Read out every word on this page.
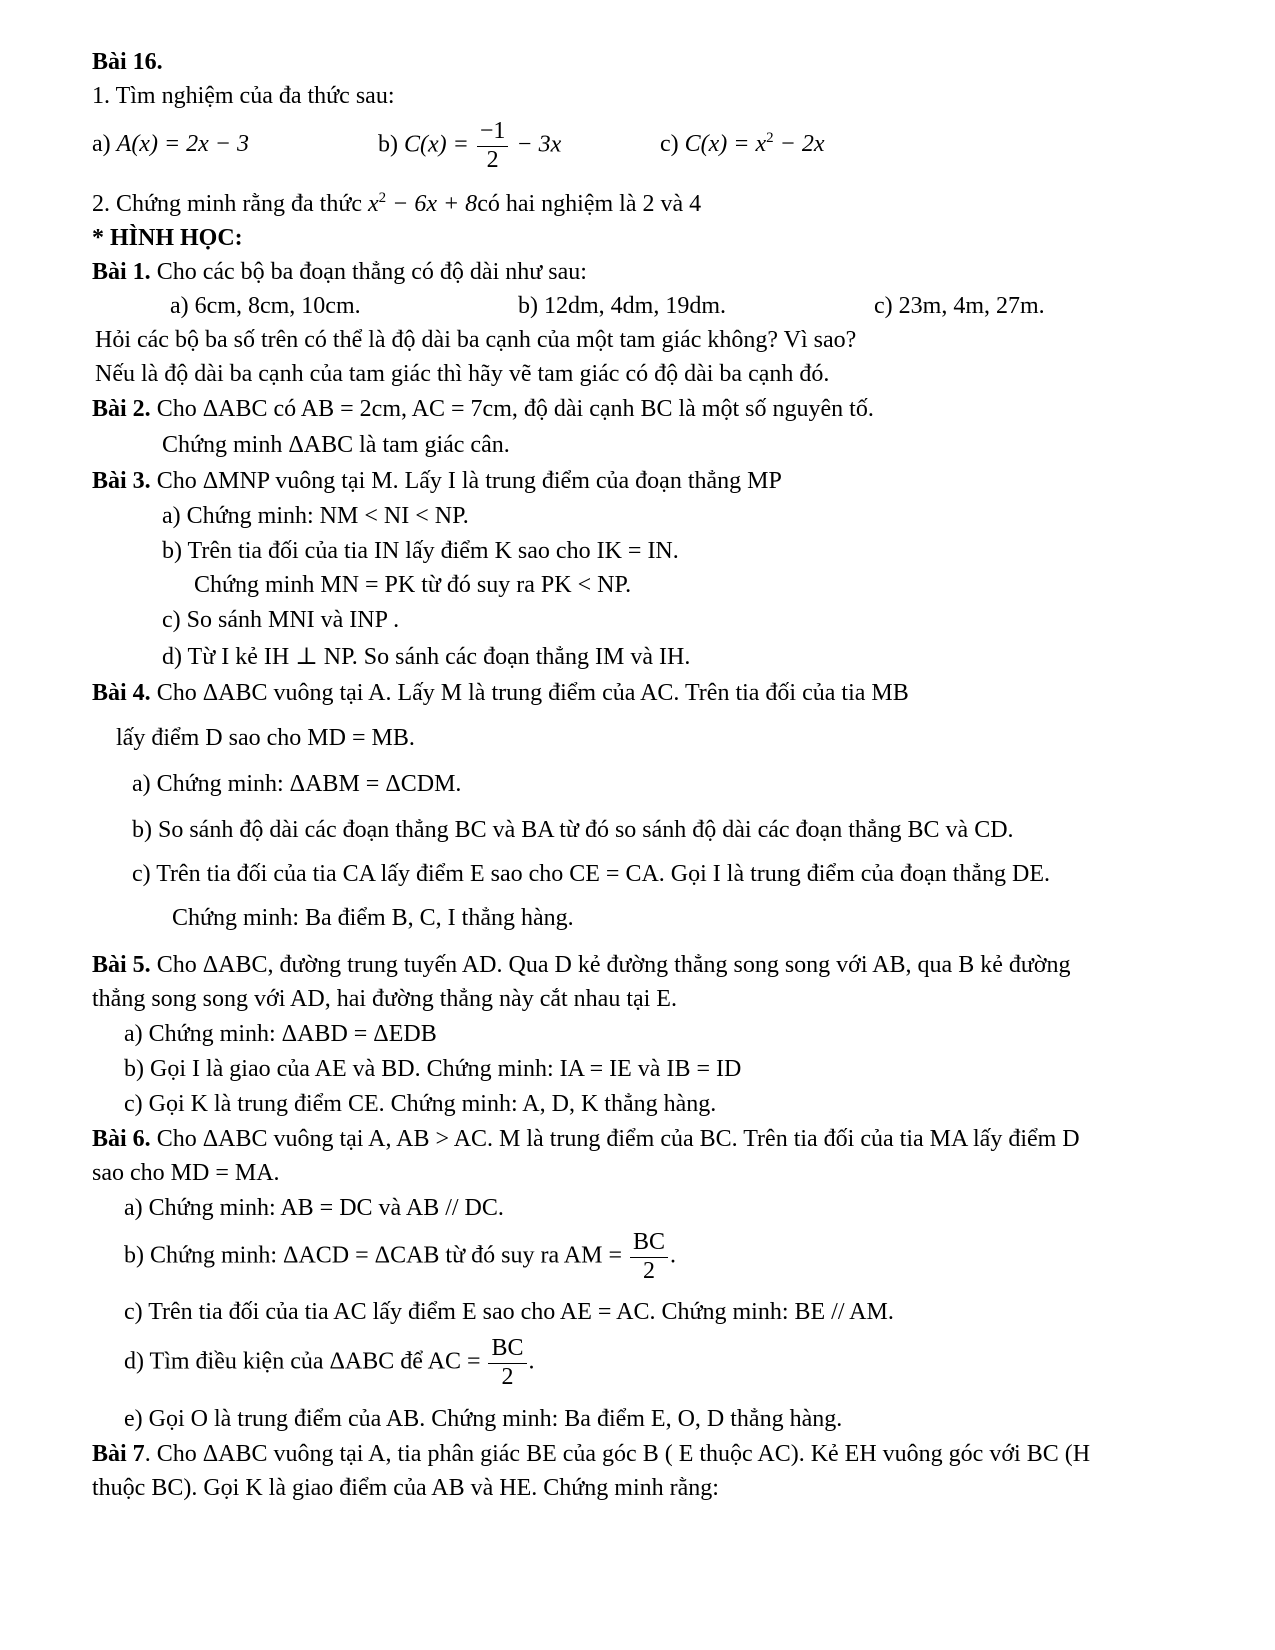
Bài 16.
1. Tìm nghiệm của đa thức sau:
a) A(x) = 2x − 3	b) $C(x) = \frac{-1}{2} - 3x$	c) $C(x) = x^2 - 2x$
2. Chứng minh rằng đa thức $x^2 - 6x$ + 8có hai nghiệm là 2 và 4
* HÌNH HỌC:
Bài 1. Cho các bộ ba đoạn thẳng có độ dài như sau:
a) 6cm, 8cm, 10cm.	b) 12dm, 4dm, 19dm.	c) 23m, 4m, 27m.
Hỏi các bộ ba số trên có thể là độ dài ba cạnh của một tam giác không? Vì sao?
Nếu là độ dài ba cạnh của tam giác thì hãy vẽ tam giác có độ dài ba cạnh đó.
Bài 2. Cho ΔABC có AB = 2cm, AC = 7cm, độ dài cạnh BC là một số nguyên tố.
Chứng minh ΔABC là tam giác cân.
Bài 3. Cho ΔMNP vuông tại M. Lấy I là trung điểm của đoạn thẳng MP
a) Chứng minh: NM < NI < NP.
b) Trên tia đối của tia IN lấy điểm K sao cho IK = IN.
Chứng minh MN = PK từ đó suy ra PK < NP.
c) So sánh MNI và INP .
d) Từ I kẻ IH ⊥ NP. So sánh các đoạn thẳng IM và IH.
Bài 4. Cho ΔABC vuông tại A. Lấy M là trung điểm của AC. Trên tia đối của tia MB
lấy điểm D sao cho MD = MB.
a) Chứng minh: ΔABM = ΔCDM.
b) So sánh độ dài các đoạn thẳng BC và BA từ đó so sánh độ dài các đoạn thẳng BC và CD.
c) Trên tia đối của tia CA lấy điểm E sao cho CE = CA. Gọi I là trung điểm của đoạn thẳng DE.
Chứng minh: Ba điểm B, C, I thẳng hàng.
Bài 5. Cho ΔABC, đường trung tuyến AD. Qua D kẻ đường thẳng song song với AB, qua B kẻ đường
thẳng song song với AD, hai đường thẳng này cắt nhau tại E.
a) Chứng minh: ΔABD = ΔEDB
b) Gọi I là giao của AE và BD. Chứng minh: IA = IE và IB = ID
c) Gọi K là trung điểm CE. Chứng minh: A, D, K thẳng hàng.
Bài 6. Cho ΔABC vuông tại A, AB > AC. M là trung điểm của BC. Trên tia đối của tia MA lấy điểm D
sao cho MD = MA.
a) Chứng minh: AB = DC và AB // DC.
b) Chứng minh: ΔACD = ΔCAB từ đó suy ra AM = $\frac{BC}{2}$ .
c) Trên tia đối của tia AC lấy điểm E sao cho AE = AC. Chứng minh: BE // AM.
d) Tìm điều kiện của ΔABC để AC = $\frac{BC}{2}$ .
e) Gọi O là trung điểm của AB. Chứng minh: Ba điểm E, O, D thẳng hàng.
Bài 7. Cho ΔABC vuông tại A, tia phân giác BE của góc B ( E thuộc AC). Kẻ EH vuông góc với BC (H
thuộc BC). Gọi K là giao điểm của AB và HE. Chứng minh rằng:
